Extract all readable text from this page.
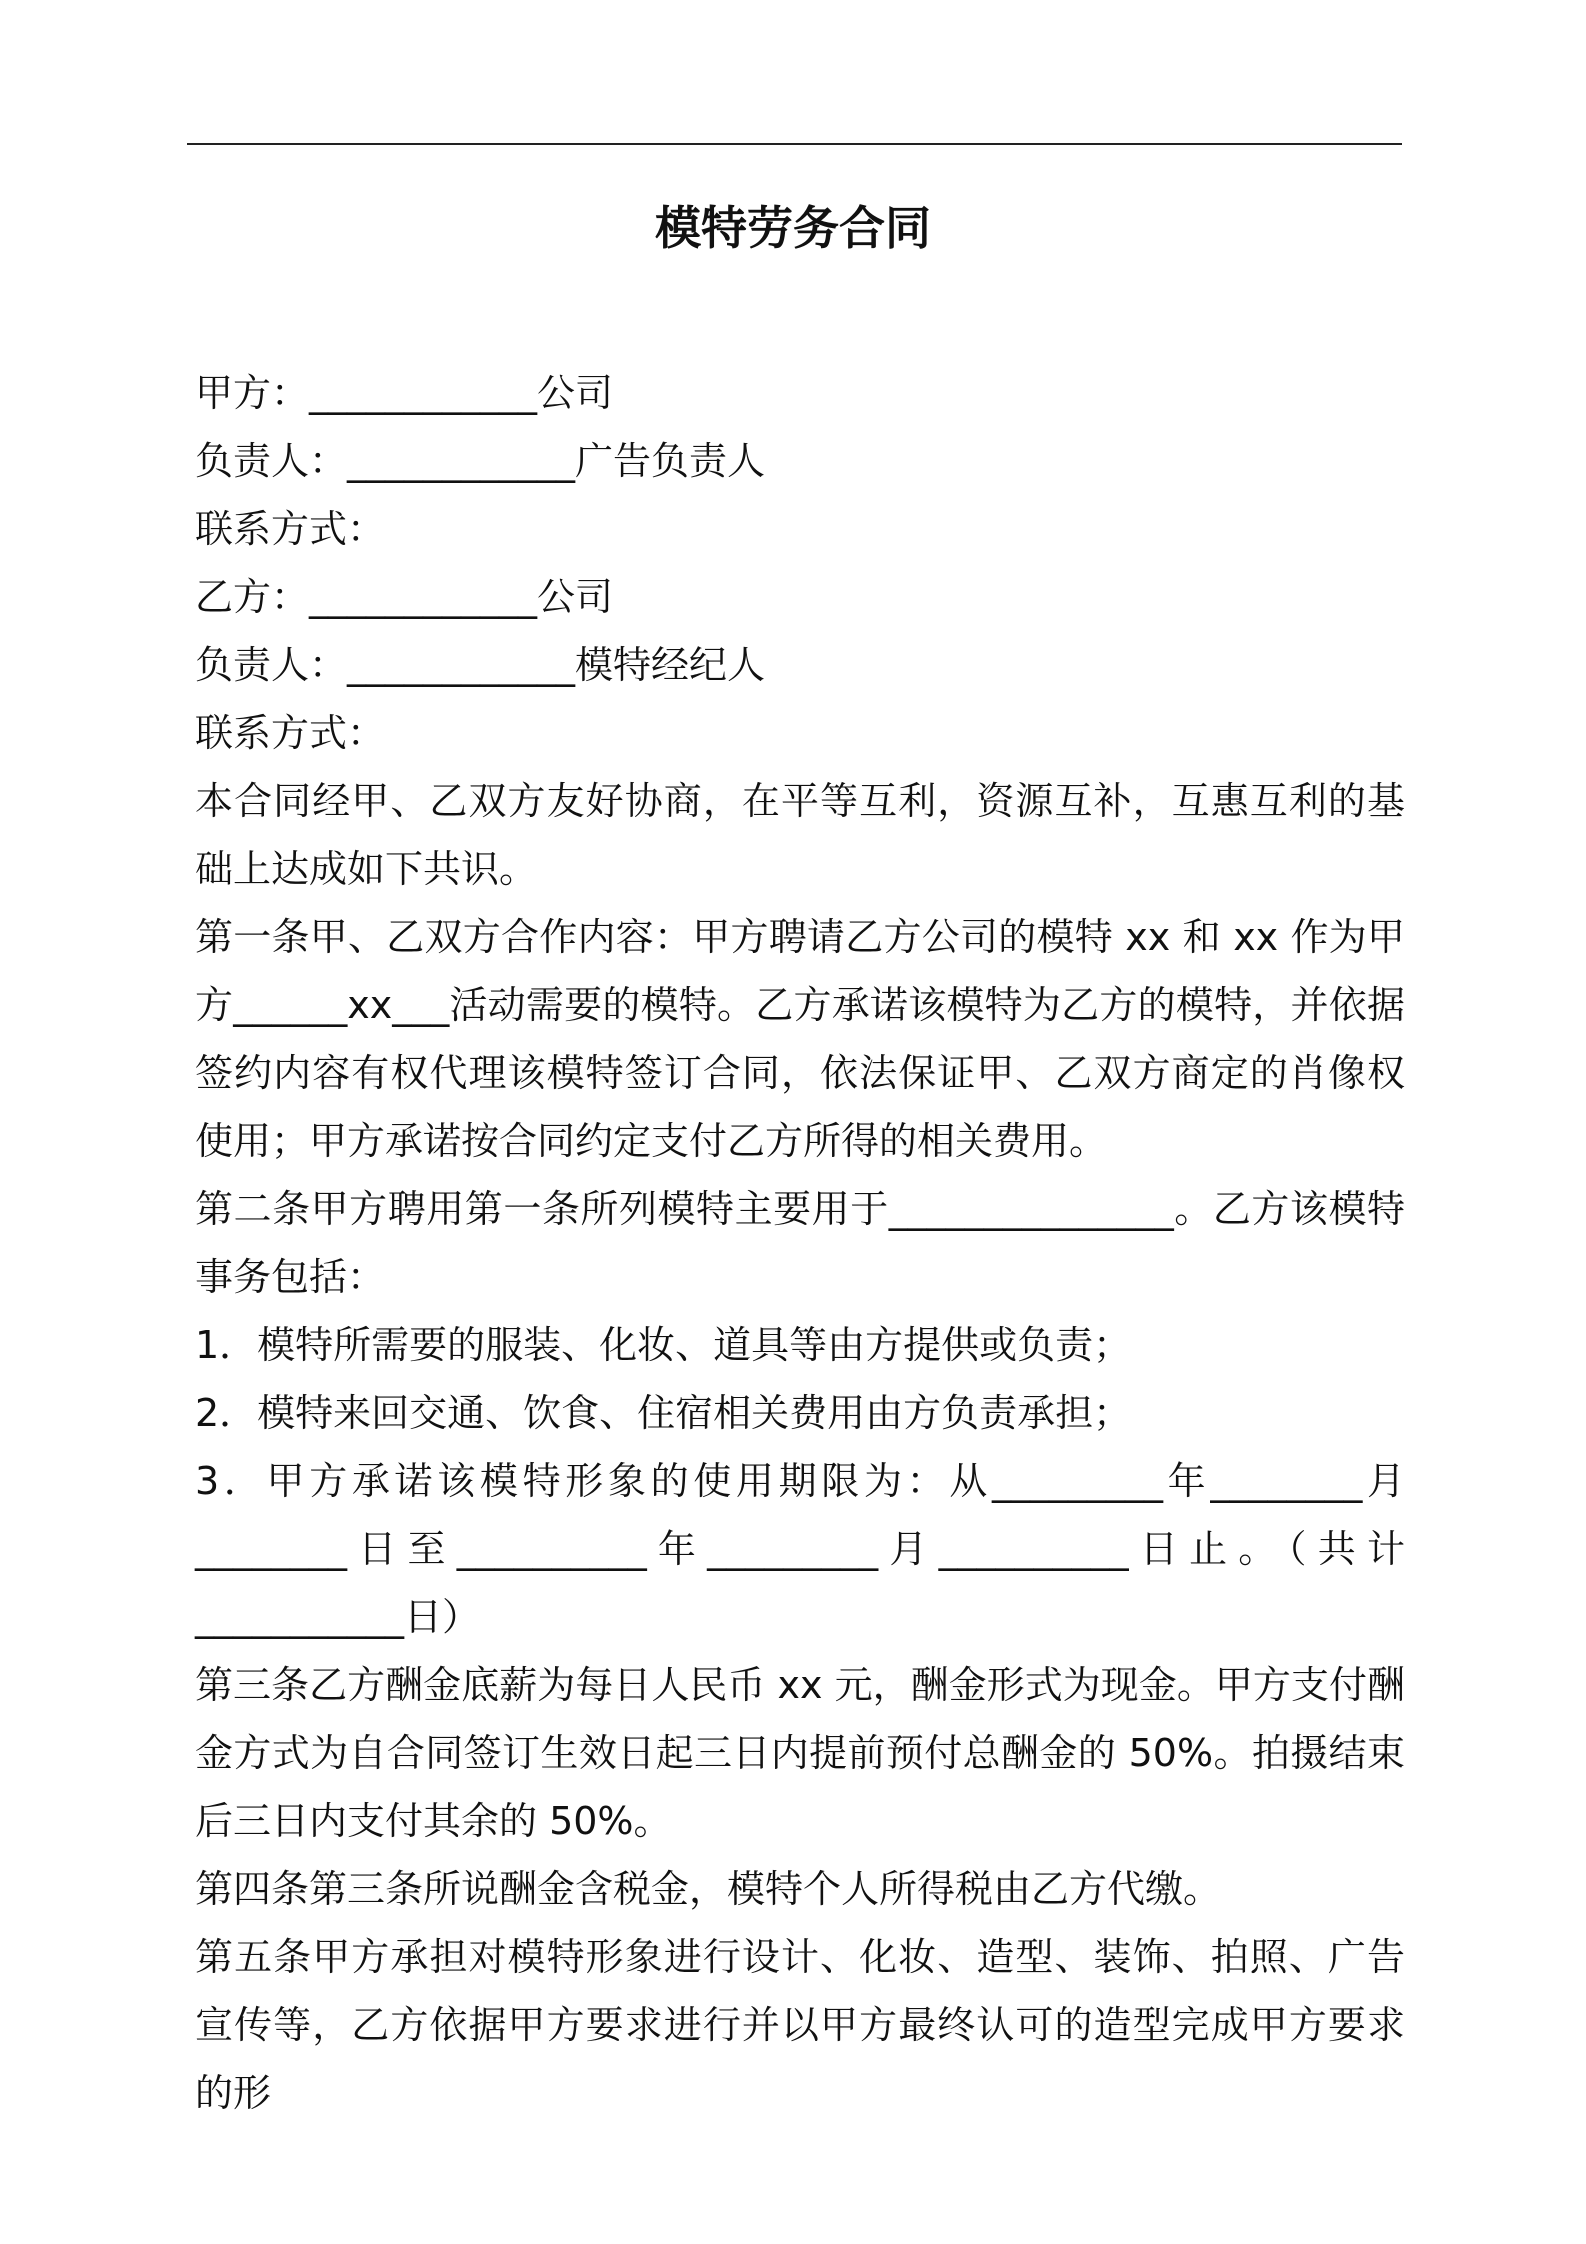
模特劳务合同

甲方：____________公司

负责人：____________广告负责人

联系方式：

乙方：____________公司

负责人：____________模特经纪人

联系方式：

本合同经甲、乙双方友好协商，在平等互利，资源互补，互惠互利的基础上达成如下共识。

第一条甲、乙双方合作内容：甲方聘请乙方公司的模特 xx 和 xx 作为甲方______xx___活动需要的模特。乙方承诺该模特为乙方的模特，并依据签约内容有权代理该模特签订合同，依法保证甲、乙双方商定的肖像权使用；甲方承诺按合同约定支付乙方所得的相关费用。

第二条甲方聘用第一条所列模特主要用于_______________。乙方该模特事务包括：

1．模特所需要的服装、化妆、道具等由方提供或负责；

2．模特来回交通、饮食、住宿相关费用由方负责承担；

3．甲方承诺该模特形象的使用期限为：从_________年________月________日至__________年_________月__________日止。（共计___________日）

第三条乙方酬金底薪为每日人民币 xx 元，酬金形式为现金。甲方支付酬金方式为自合同签订生效日起三日内提前预付总酬金的 50%。拍摄结束后三日内支付其余的 50%。

第四条第三条所说酬金含税金，模特个人所得税由乙方代缴。

第五条甲方承担对模特形象进行设计、化妆、造型、装饰、拍照、广告宣传等，乙方依据甲方要求进行并以甲方最终认可的造型完成甲方要求的形
